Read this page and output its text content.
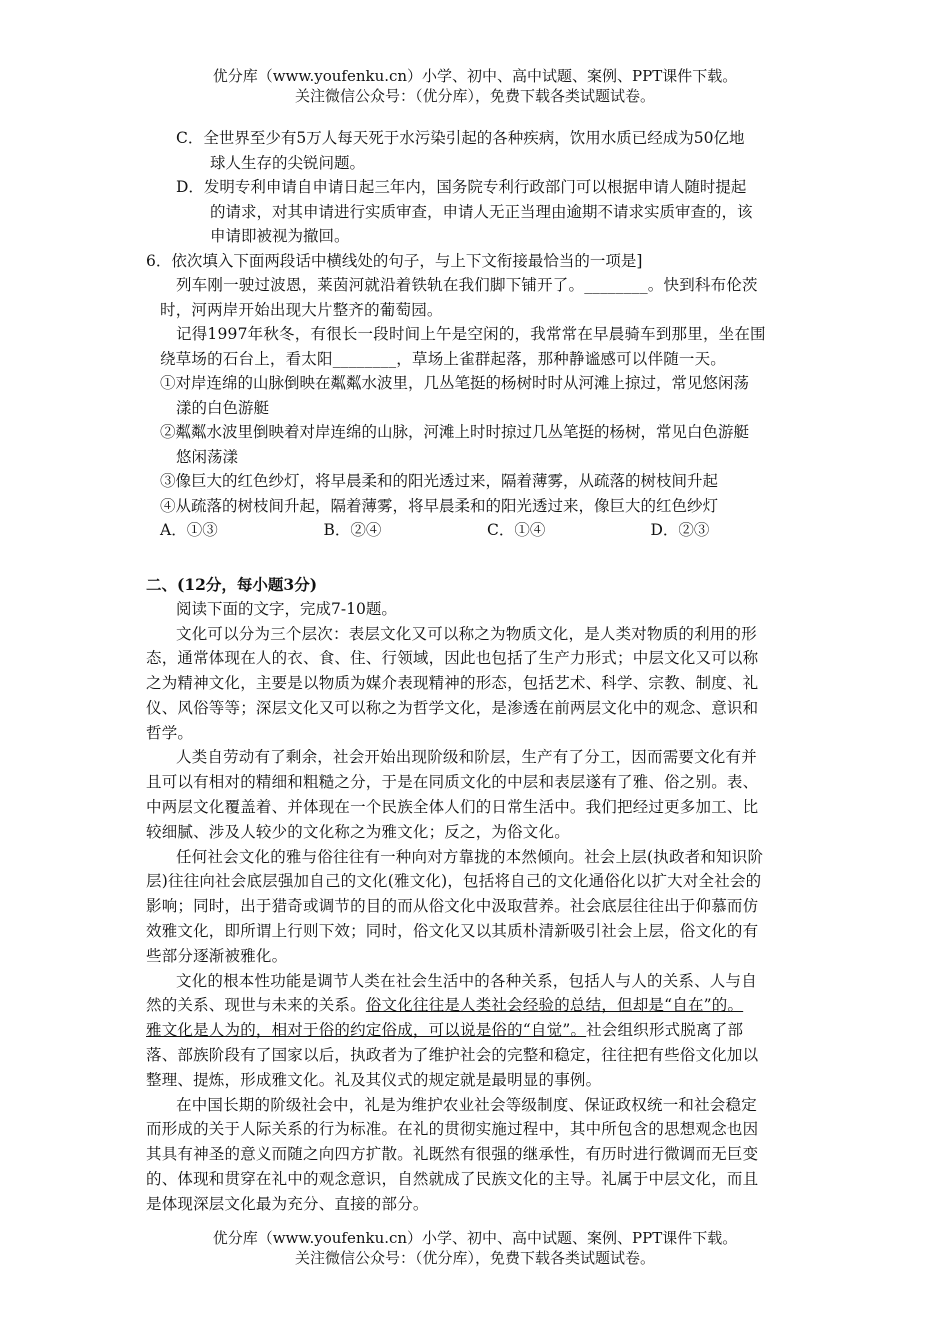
优分库（www.youfenku.cn）小学、初中、高中试题、案例、PPT课件下载。
关注微信公众号：（优分库），免费下载各类试题试卷。
C．全世界至少有5万人每天死于水污染引起的各种疾病，饮用水质已经成为50亿地
球人生存的尖锐问题。
D．发明专利申请自申请日起三年内，国务院专利行政部门可以根据申请人随时提起
的请求，对其申请进行实质审查，申请人无正当理由逾期不请求实质审查的，该
申请即被视为撤回。
6．依次填入下面两段话中横线处的句子，与上下文衔接最恰当的一项是]
列车刚一驶过波恩，莱茵河就沿着铁轨在我们脚下铺开了。________。快到科布伦茨
时，河两岸开始出现大片整齐的葡萄园。
记得1997年秋冬，有很长一段时间上午是空闲的，我常常在早晨骑车到那里，坐在围
绕草场的石台上，看太阳________，草场上雀群起落，那种静谧感可以伴随一天。
①对岸连绵的山脉倒映在粼粼水波里，几丛笔挺的杨树时时从河滩上掠过，常见悠闲荡
漾的白色游艇
②粼粼水波里倒映着对岸连绵的山脉，河滩上时时掠过几丛笔挺的杨树，常见白色游艇
悠闲荡漾
③像巨大的红色纱灯，将早晨柔和的阳光透过来，隔着薄雾，从疏落的树枝间升起
④从疏落的树枝间升起，隔着薄雾，将早晨柔和的阳光透过来，像巨大的红色纱灯
A．①③	B．②④	C．①④	D．②③
二、(12分，每小题3分)
阅读下面的文字，完成7-10题。
文化可以分为三个层次：表层文化又可以称之为物质文化，是人类对物质的利用的形
态，通常体现在人的衣、食、住、行领域，因此也包括了生产力形式；中层文化又可以称
之为精神文化，主要是以物质为媒介表现精神的形态，包括艺术、科学、宗教、制度、礼
仪、风俗等等；深层文化又可以称之为哲学文化，是渗透在前两层文化中的观念、意识和
哲学。
人类自劳动有了剩余，社会开始出现阶级和阶层，生产有了分工，因而需要文化有并
且可以有相对的精细和粗糙之分，于是在同质文化的中层和表层遂有了雅、俗之别。表、
中两层文化覆盖着、并体现在一个民族全体人们的日常生活中。我们把经过更多加工、比
较细腻、涉及人较少的文化称之为雅文化；反之，为俗文化。
任何社会文化的雅与俗往往有一种向对方靠拢的本然倾向。社会上层(执政者和知识阶
层)往往向社会底层强加自己的文化(雅文化)，包括将自己的文化通俗化以扩大对全社会的
影响；同时，出于猎奇或调节的目的而从俗文化中汲取营养。社会底层往往出于仰慕而仿
效雅文化，即所谓上行则下效；同时，俗文化又以其质朴清新吸引社会上层，俗文化的有
些部分逐渐被雅化。
文化的根本性功能是调节人类在社会生活中的各种关系，包括人与人的关系、人与自
然的关系、现世与未来的关系。俗文化往往是人类社会经验的总结，但却是“自在”的。
雅文化是人为的，相对于俗的约定俗成，可以说是俗的“自觉”。社会组织形式脱离了部
落、部族阶段有了国家以后，执政者为了维护社会的完整和稳定，往往把有些俗文化加以
整理、提炼，形成雅文化。礼及其仪式的规定就是最明显的事例。
在中国长期的阶级社会中，礼是为维护农业社会等级制度、保证政权统一和社会稳定
而形成的关于人际关系的行为标准。在礼的贯彻实施过程中，其中所包含的思想观念也因
其具有神圣的意义而随之向四方扩散。礼既然有很强的继承性，有历时进行微调而无巨变
的、体现和贯穿在礼中的观念意识，自然就成了民族文化的主导。礼属于中层文化，而且
是体现深层文化最为充分、直接的部分。
优分库（www.youfenku.cn）小学、初中、高中试题、案例、PPT课件下载。
关注微信公众号：（优分库），免费下载各类试题试卷。
